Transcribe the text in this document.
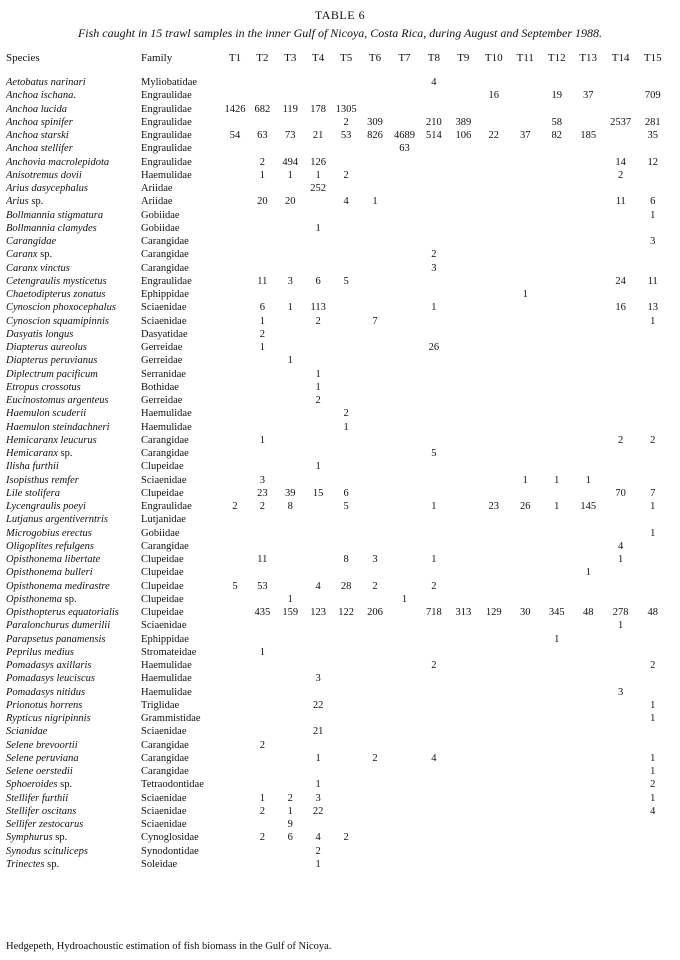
TABLE 6
Fish caught in 15 trawl samples in the inner Gulf of Nicoya, Costa Rica, during August and September 1988.
Species	Family	T1	T2	T3	T4	T5	T6	T7	T8	T9	T10	T11	T12	T13	T14	T15
Aetobatus narinari	Myliobatidae								4							
Anchoa ischana.	Engraulidae										16		19	37		709
Anchoa lucida	Engraulidae	1426	682	119	178	1305										
Anchoa spinifer	Engraulidae					2	309		210	389			58		2537	281
Anchoa starski	Engraulidae	54	63	73	21	53	826	4689	514	106	22	37	82	185		35
Anchoa stellifer	Engraulidae							63								
Anchovia macrolepidota	Engraulidae		2	494	126										14	12
Anisotremus dovii	Haemulidae		1	1	1	2									2	
Arius dasycephalus	Ariidae				252											
Arius sp.	Ariidae		20	20		4	1								11	6
Bollmannia stigmatura	Gobiidae															1
Bollmannia clamydes	Gobiidae				1											
Carangidae	Carangidae															3
Caranx sp.	Carangidae								2							
Caranx vinctus	Carangidae								3							
Cetengraulis mysticetus	Engraulidae		11	3	6	5									24	11
Chaetodipterus zonatus	Ephippidae											1				
Cynoscion phoxocephalus	Sciaenidae		6	1	113				1						16	13
Cynoscion squamipinnis	Sciaenidae		1		2		7									1
Dasyatis longus	Dasyatidae		2													
Diapterus aureolus	Gerreidae		1						26							
Diapterus peruvianus	Gerreidae			1												
Diplectrum pacificum	Serranidae				1											
Etropus crossotus	Bothidae				1											
Eucinostomus argenteus	Gerreidae				2											
Haemulon scuderii	Haemulidae					2										
Haemulon steindachneri	Haemulidae					1										
Hemicaranx leucurus	Carangidae		1												2	2
Hemicaranx sp.	Carangidae								5							
Ilisha furthii	Clupeidae				1											
Isopisthus remfer	Sciaenidae		3									1	1	1		
Lile stolifera	Clupeidae		23	39	15	6									70	7
Lycengraulis poeyi	Engraulidae	2	2	8		5			1		23	26	1	145		1
Lutjanus argentiverntris	Lutjanidae															
Microgobius erectus	Gobiidae															1
Oligoplites refulgens	Carangidae														4	
Opisthonema libertate	Clupeidae		11			8	3		1						1	
Opisthonema bulleri	Clupeidae													1		
Opisthonema medirastre	Clupeidae	5	53		4	28	2		2							
Opisthonema sp.	Clupeidae			1				1								
Opisthopterus equatorialis	Clupeidae		435	159	123	122	206		718	313	129	30	345	48	278	48
Paralonchurus dumerilii	Sciaenidae														1	
Parapsetus panamensis	Ephippidae												1			
Peprilus medius	Stromateidae		1													
Pomadasys axillaris	Haemulidae								2							2
Pomadasys leuciscus	Haemulidae				3											
Pomadasys nitidus	Haemulidae														3	
Prionotus horrens	Triglidae				22											1
Rypticus nigripinnis	Grammistidae															1
Scianidae	Sciaenidae				21											
Selene brevoortii	Carangidae		2													
Selene peruviana	Carangidae				1		2		4							1
Selene oerstedii	Carangidae															1
Sphoeroides sp.	Tetraodontidae				1											2
Stellifer furthii	Sciaenidae		1	2	3											1
Stellifer oscitans	Sciaenidae		2	1	22											4
Sellifer zestocarus	Sciaenidae			9												
Symphurus sp.	Cynoglosidae		2	6	4	2										
Synodus scituliceps	Synodontidae				2											
Trinectes sp.	Soleidae				1											
Hedgepeth, Hydroachoustic estimation of fish biomass in the Gulf of Nicoya.
